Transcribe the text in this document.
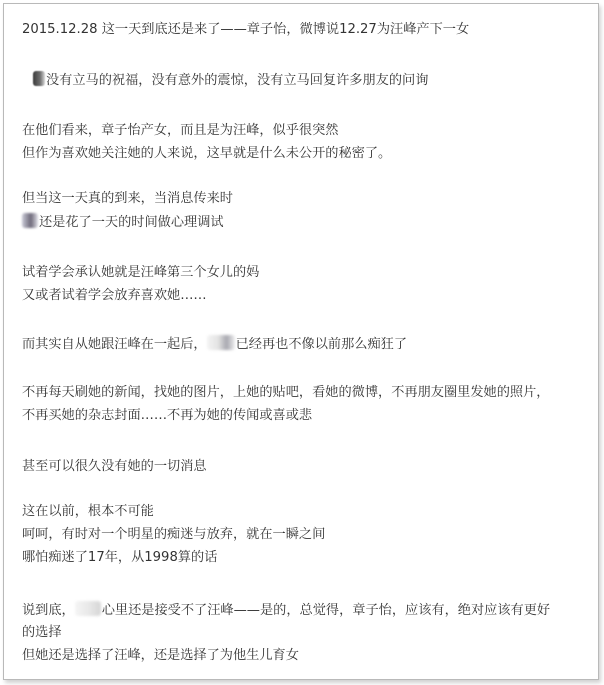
2015.12.28 这一天到底还是来了——章子怡，微博说12.27为汪峰产下一女
没有立马的祝福，没有意外的震惊，没有立马回复许多朋友的问询
在他们看来，章子怡产女，而且是为汪峰，似乎很突然
但作为喜欢她关注她的人来说，这早就是什么未公开的秘密了。
但当这一天真的到来，当消息传来时
还是花了一天的时间做心理调试
试着学会承认她就是汪峰第三个女儿的妈
又或者试着学会放弃喜欢她……
而其实自从她跟汪峰在一起后， 已经再也不像以前那么痴狂了
不再每天刷她的新闻，找她的图片，上她的贴吧，看她的微博，不再朋友圈里发她的照片，
不再买她的杂志封面……不再为她的传闻或喜或悲
甚至可以很久没有她的一切消息
这在以前，根本不可能
呵呵，有时对一个明星的痴迷与放弃，就在一瞬之间
哪怕痴迷了17年，从1998算的话
说到底， 心里还是接受不了汪峰——是的，总觉得，章子怡，应该有，绝对应该有更好
的选择
但她还是选择了汪峰，还是选择了为他生儿育女
